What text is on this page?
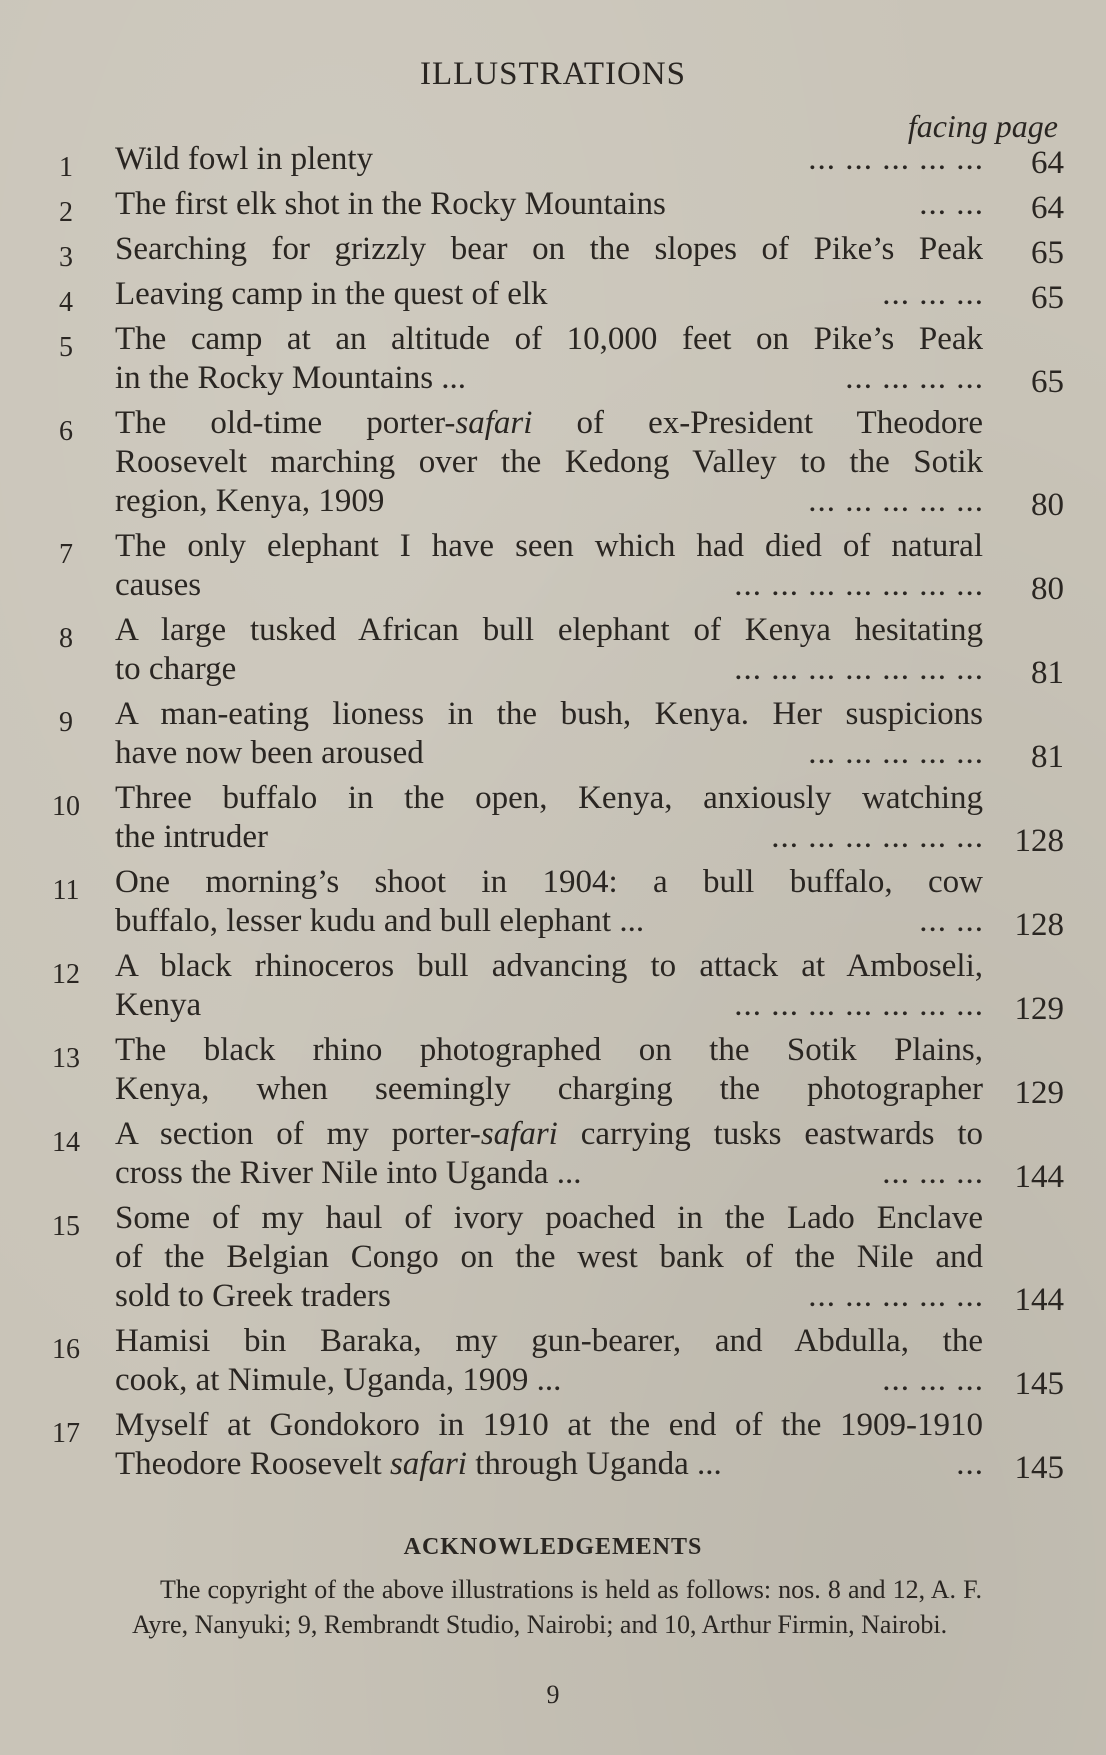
ILLUSTRATIONS
facing page
1	Wild fowl in plenty	... ... ... ... ...	64
2	The first elk shot in the Rocky Mountains	... ...	64
3	Searching for grizzly bear on the slopes of Pike’s Peak	65
4	Leaving camp in the quest of elk	... ... ...	65
5	The camp at an altitude of 10,000 feet on Pike’s Peak
in the Rocky Mountains ...	... ... ... ...	65
6	The old-time porter-safari of ex-President Theodore
Roosevelt marching over the Kedong Valley to the Sotik
region, Kenya, 1909	... ... ... ... ...	80
7	The only elephant I have seen which had died of natural
causes	... ... ... ... ... ... ...	80
8	A large tusked African bull elephant of Kenya hesitating
to charge	... ... ... ... ... ... ...	81
9	A man-eating lioness in the bush, Kenya. Her suspicions
have now been aroused	... ... ... ... ...	81
10	Three buffalo in the open, Kenya, anxiously watching
the intruder	... ... ... ... ... ... 128
11	One morning’s shoot in 1904: a bull buffalo, cow
buffalo, lesser kudu and bull elephant ...	... ... 128
12	A black rhinoceros bull advancing to attack at Amboseli,
Kenya	... ... ... ... ... ... ... 129
13	The black rhino photographed on the Sotik Plains,
Kenya, when seemingly charging the photographer 129
14	A section of my porter-safari carrying tusks eastwards to
cross the River Nile into Uganda ...	... ... ... 144
15	Some of my haul of ivory poached in the Lado Enclave
of the Belgian Congo on the west bank of the Nile and
sold to Greek traders	... ... ... ... ... 144
16	Hamisi bin Baraka, my gun-bearer, and Abdulla, the
cook, at Nimule, Uganda, 1909 ...	... ... ... 145
17	Myself at Gondokoro in 1910 at the end of the 1909-1910
Theodore Roosevelt safari through Uganda ...	... 145
ACKNOWLEDGEMENTS
The copyright of the above illustrations is held as follows: nos. 8 and 12, A. F. Ayre, Nanyuki; 9, Rembrandt Studio, Nairobi; and 10, Arthur Firmin, Nairobi.
9
